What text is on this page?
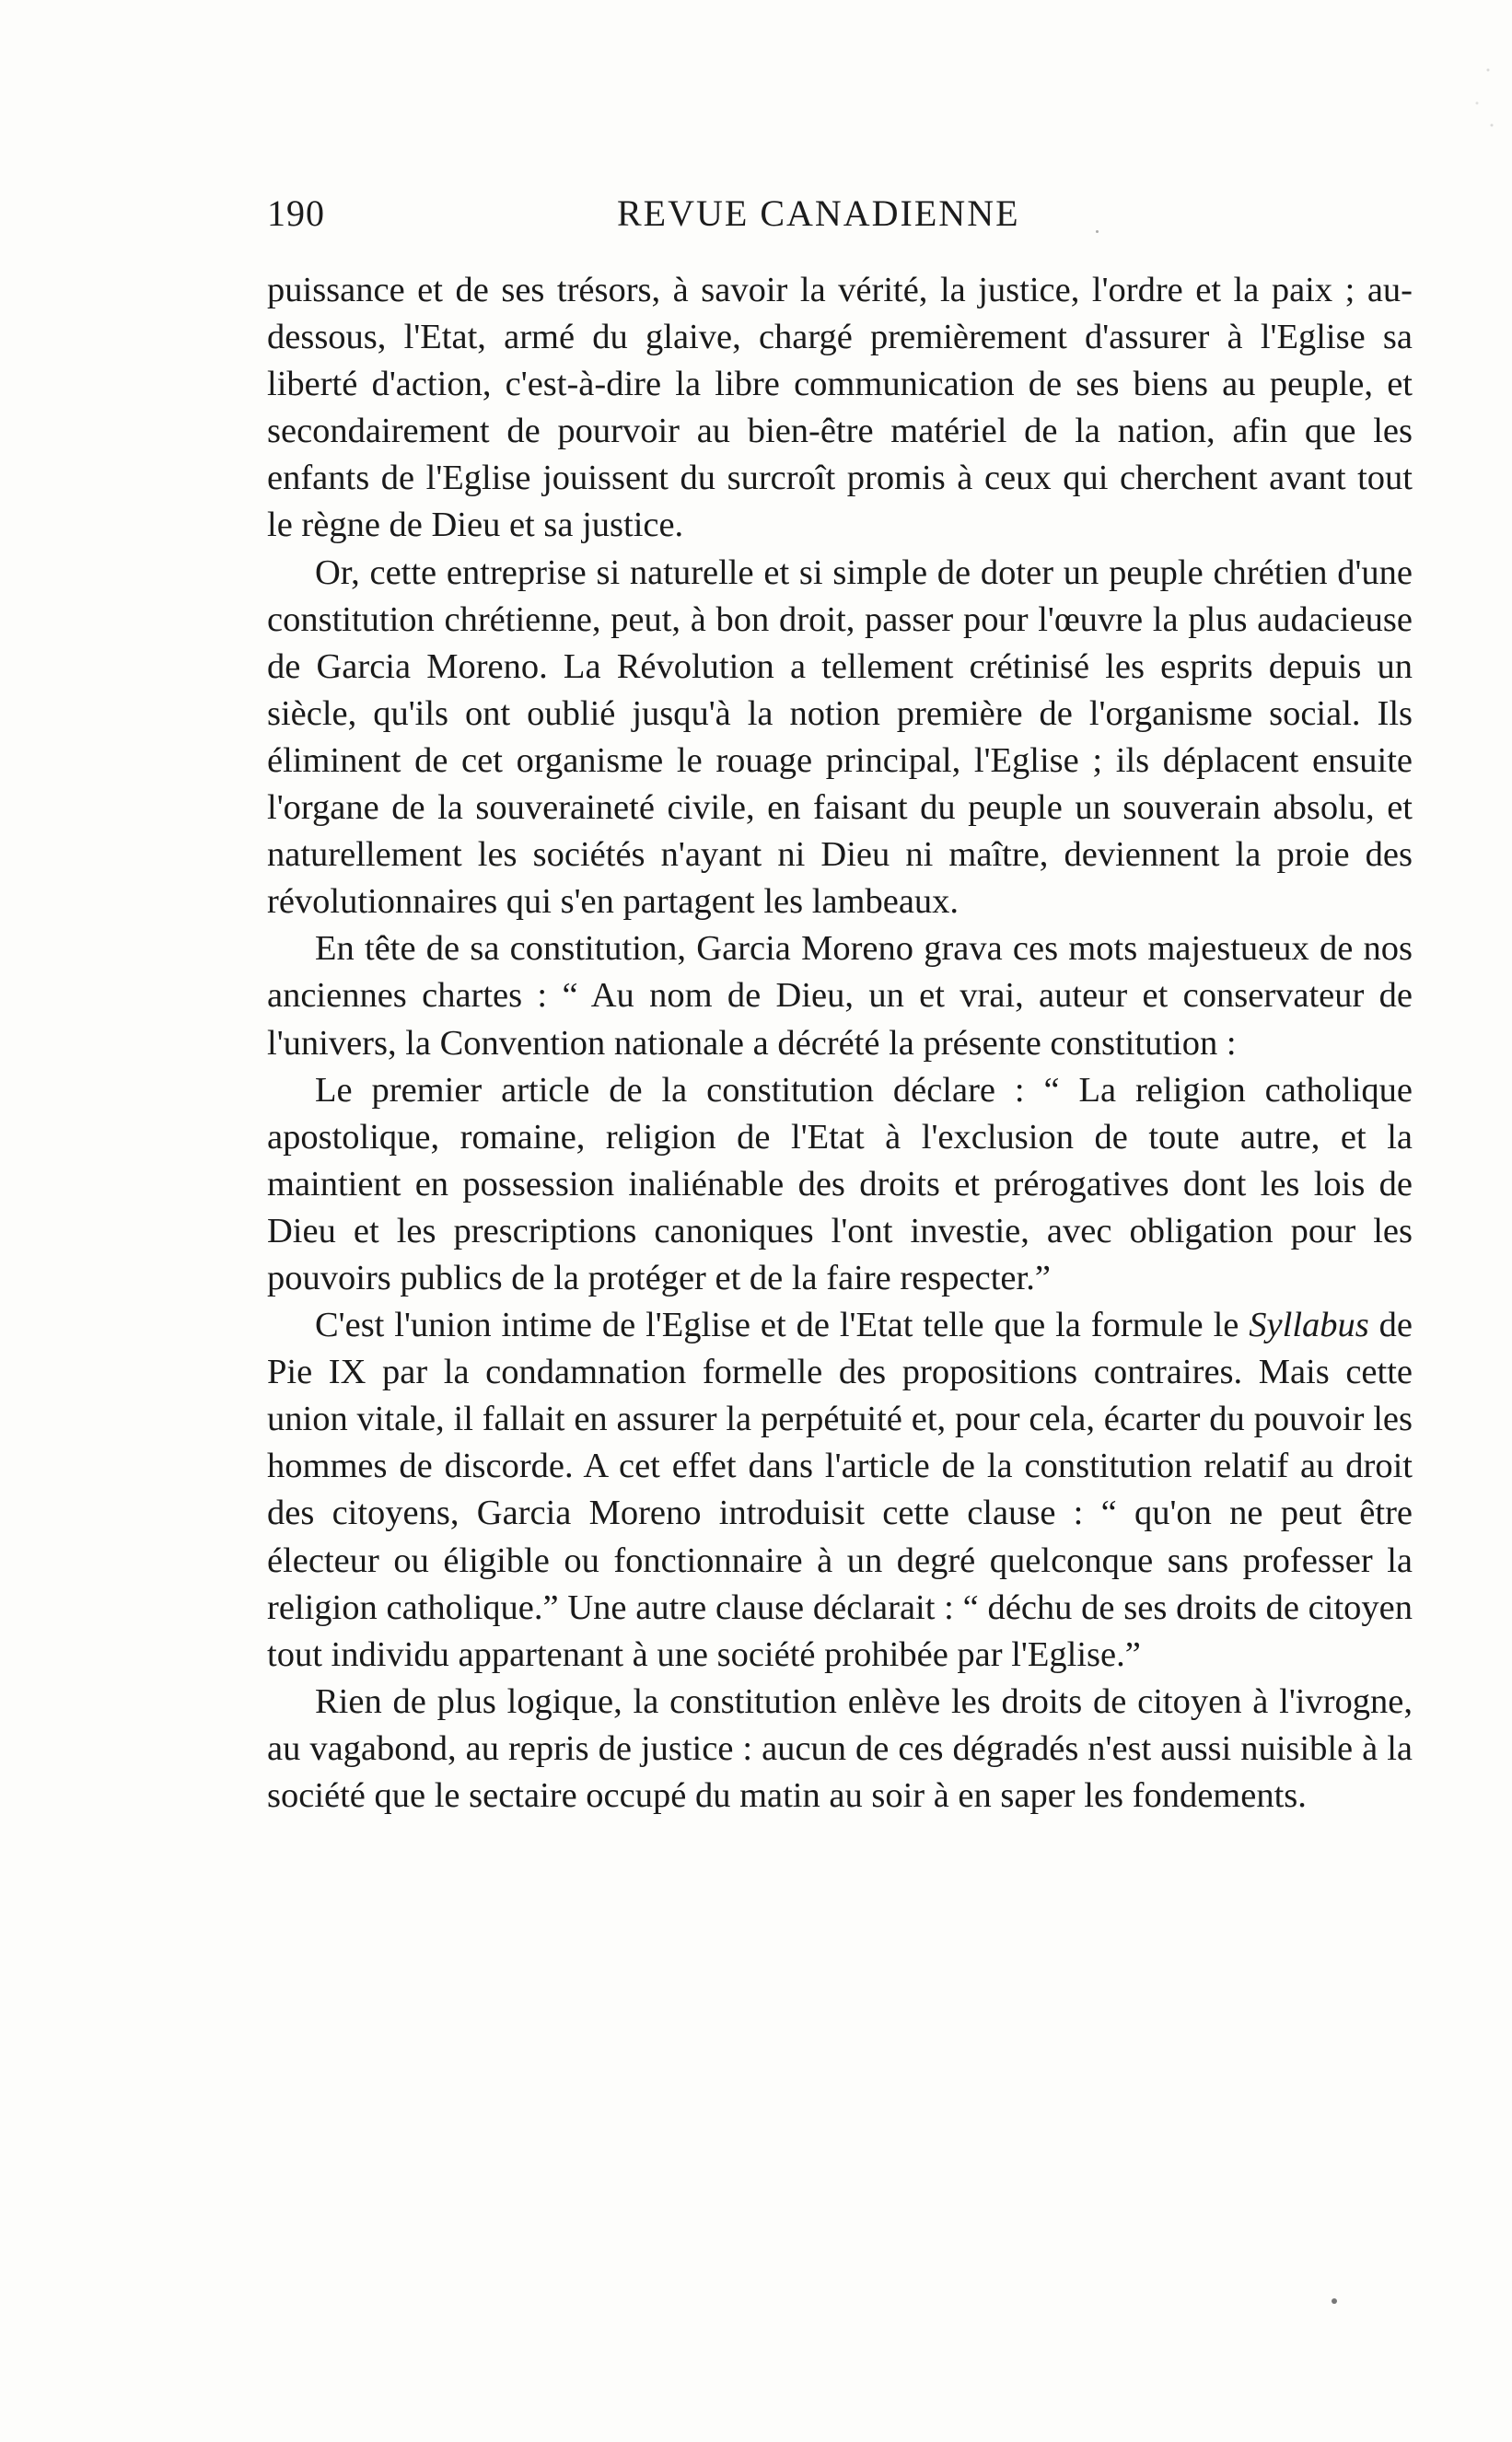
190	REVUE CANADIENNE

puissance et de ses trésors, à savoir la vérité, la justice, l'ordre et la paix ; au-dessous, l'Etat, armé du glaive, chargé premièrement d'assurer à l'Eglise sa liberté d'action, c'est-à-dire la libre communication de ses biens au peuple, et secondairement de pourvoir au bien-être matériel de la nation, afin que les enfants de l'Eglise jouissent du surcroît promis à ceux qui cherchent avant tout le règne de Dieu et sa justice.

Or, cette entreprise si naturelle et si simple de doter un peuple chrétien d'une constitution chrétienne, peut, à bon droit, passer pour l'œuvre la plus audacieuse de Garcia Moreno. La Révolution a tellement crétinisé les esprits depuis un siècle, qu'ils ont oublié jusqu'à la notion première de l'organisme social. Ils éliminent de cet organisme le rouage principal, l'Eglise ; ils déplacent ensuite l'organe de la souveraineté civile, en faisant du peuple un souverain absolu, et naturellement les sociétés n'ayant ni Dieu ni maître, deviennent la proie des révolutionnaires qui s'en partagent les lambeaux.

En tête de sa constitution, Garcia Moreno grava ces mots majestueux de nos anciennes chartes : “ Au nom de Dieu, un et vrai, auteur et conservateur de l'univers, la Convention nationale a décrété la présente constitution :

Le premier article de la constitution déclare : “ La religion catholique apostolique, romaine, religion de l'Etat à l'exclusion de toute autre, et la maintient en possession inaliénable des droits et prérogatives dont les lois de Dieu et les prescriptions canoniques l'ont investie, avec obligation pour les pouvoirs publics de la protéger et de la faire respecter.”

C'est l'union intime de l'Eglise et de l'Etat telle que la formule le Syllabus de Pie IX par la condamnation formelle des propositions contraires. Mais cette union vitale, il fallait en assurer la perpétuité et, pour cela, écarter du pouvoir les hommes de discorde. A cet effet dans l'article de la constitution relatif au droit des citoyens, Garcia Moreno introduisit cette clause : “ qu'on ne peut être électeur ou éligible ou fonctionnaire à un degré quelconque sans professer la religion catholique.” Une autre clause déclarait : “ déchu de ses droits de citoyen tout individu appartenant à une société prohibée par l'Eglise.”

Rien de plus logique, la constitution enlève les droits de citoyen à l'ivrogne, au vagabond, au repris de justice : aucun de ces dégradés n'est aussi nuisible à la société que le sectaire occupé du matin au soir à en saper les fondements.
